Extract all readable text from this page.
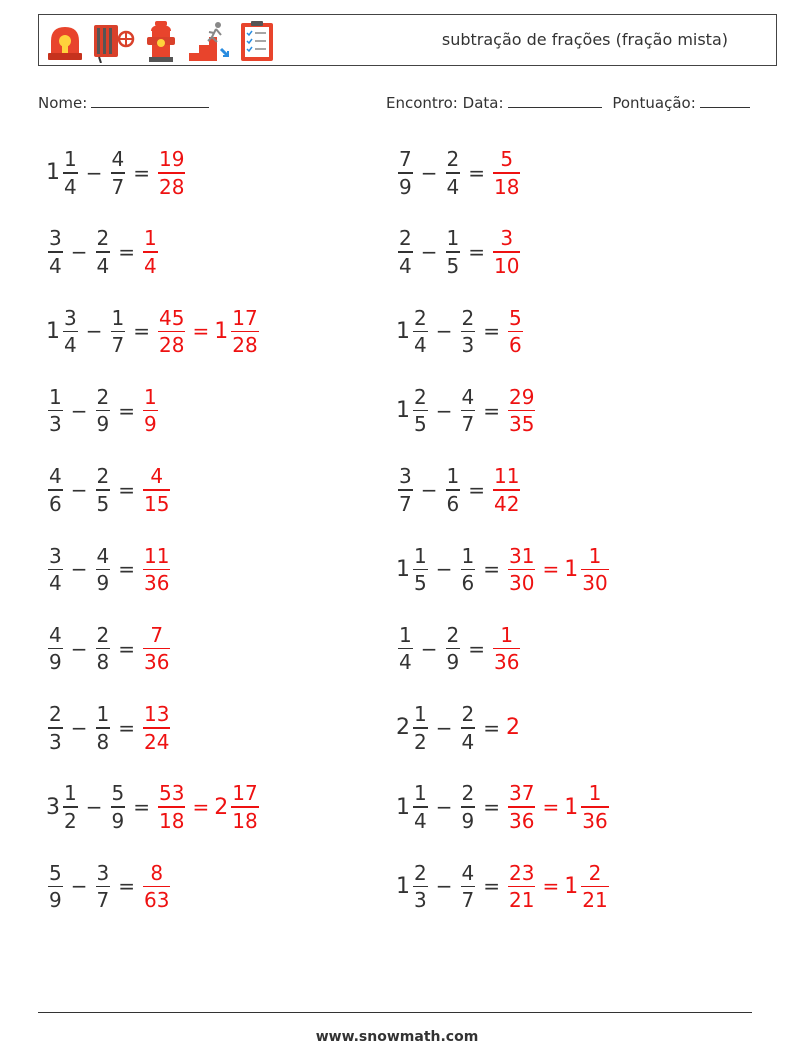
subtração de frações (fração mista)
Nome:	Encontro: Data:	Pontuação:
$1 \frac{1}{4} - \frac{4}{7} = \frac{19}{28}$	$\frac{7}{9} - \frac{2}{4} = \frac{5}{18}$
$\frac{3}{4} - \frac{2}{4} = \frac{1}{4}$	$\frac{2}{4} - \frac{1}{5} = \frac{3}{10}$
$1 \frac{3}{4} - \frac{1}{7} = \frac{45}{28} = 1 \frac{17}{28}$	$1 \frac{2}{4} - \frac{2}{3} = \frac{5}{6}$
$\frac{1}{3} - \frac{2}{9} = \frac{1}{9}$	$1 \frac{2}{5} - \frac{4}{7} = \frac{29}{35}$
$\frac{4}{6} - \frac{2}{5} = \frac{4}{15}$	$\frac{3}{7} - \frac{1}{6} = \frac{11}{42}$
$\frac{3}{4} - \frac{4}{9} = \frac{11}{36}$	$1 \frac{1}{5} - \frac{1}{6} = \frac{31}{30} = 1 \frac{1}{30}$
$\frac{4}{9} - \frac{2}{8} = \frac{7}{36}$	$\frac{1}{4} - \frac{2}{9} = \frac{1}{36}$
$\frac{2}{3} - \frac{1}{8} = \frac{13}{24}$	$2 \frac{1}{2} - \frac{2}{4} = 2$
$3 \frac{1}{2} - \frac{5}{9} = \frac{53}{18} = 2 \frac{17}{18}$	$1 \frac{1}{4} - \frac{2}{9} = \frac{37}{36} = 1 \frac{1}{36}$
$\frac{5}{9} - \frac{3}{7} = \frac{8}{63}$	$1 \frac{2}{3} - \frac{4}{7} = \frac{23}{21} = 1 \frac{2}{21}$
www.snowmath.com
